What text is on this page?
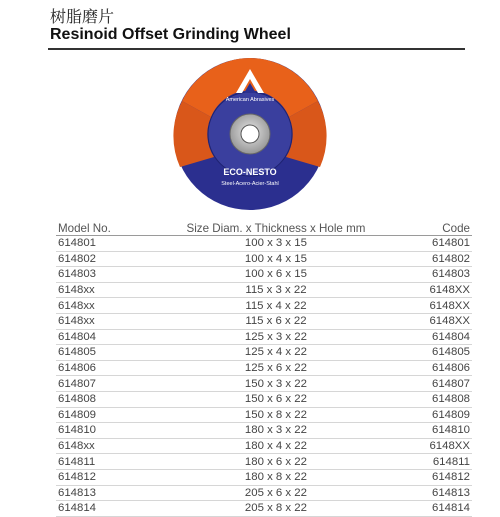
树脂磨片
Resinoid Offset Grinding Wheel
American Abrasives
ECO-NESTO
Steel-Acero-Acier-Stahl
Model No.	Size Diam. x Thickness x Hole mm	Code
614801	100 x 3 x 15	614801
614802	100 x 4 x 15	614802
614803	100 x 6 x 15	614803
6148xx	115 x 3 x 22	6148XX
6148xx	115 x 4 x 22	6148XX
6148xx	115 x 6 x 22	6148XX
614804	125 x 3 x 22	614804
614805	125 x 4 x 22	614805
614806	125 x 6 x 22	614806
614807	150 x 3 x 22	614807
614808	150 x 6 x 22	614808
614809	150 x 8 x 22	614809
614810	180 x 3 x 22	614810
6148xx	180 x 4 x 22	6148XX
614811	180 x 6 x 22	614811
614812	180 x 8 x 22	614812
614813	205 x 6 x 22	614813
614814	205 x 8 x 22	614814
